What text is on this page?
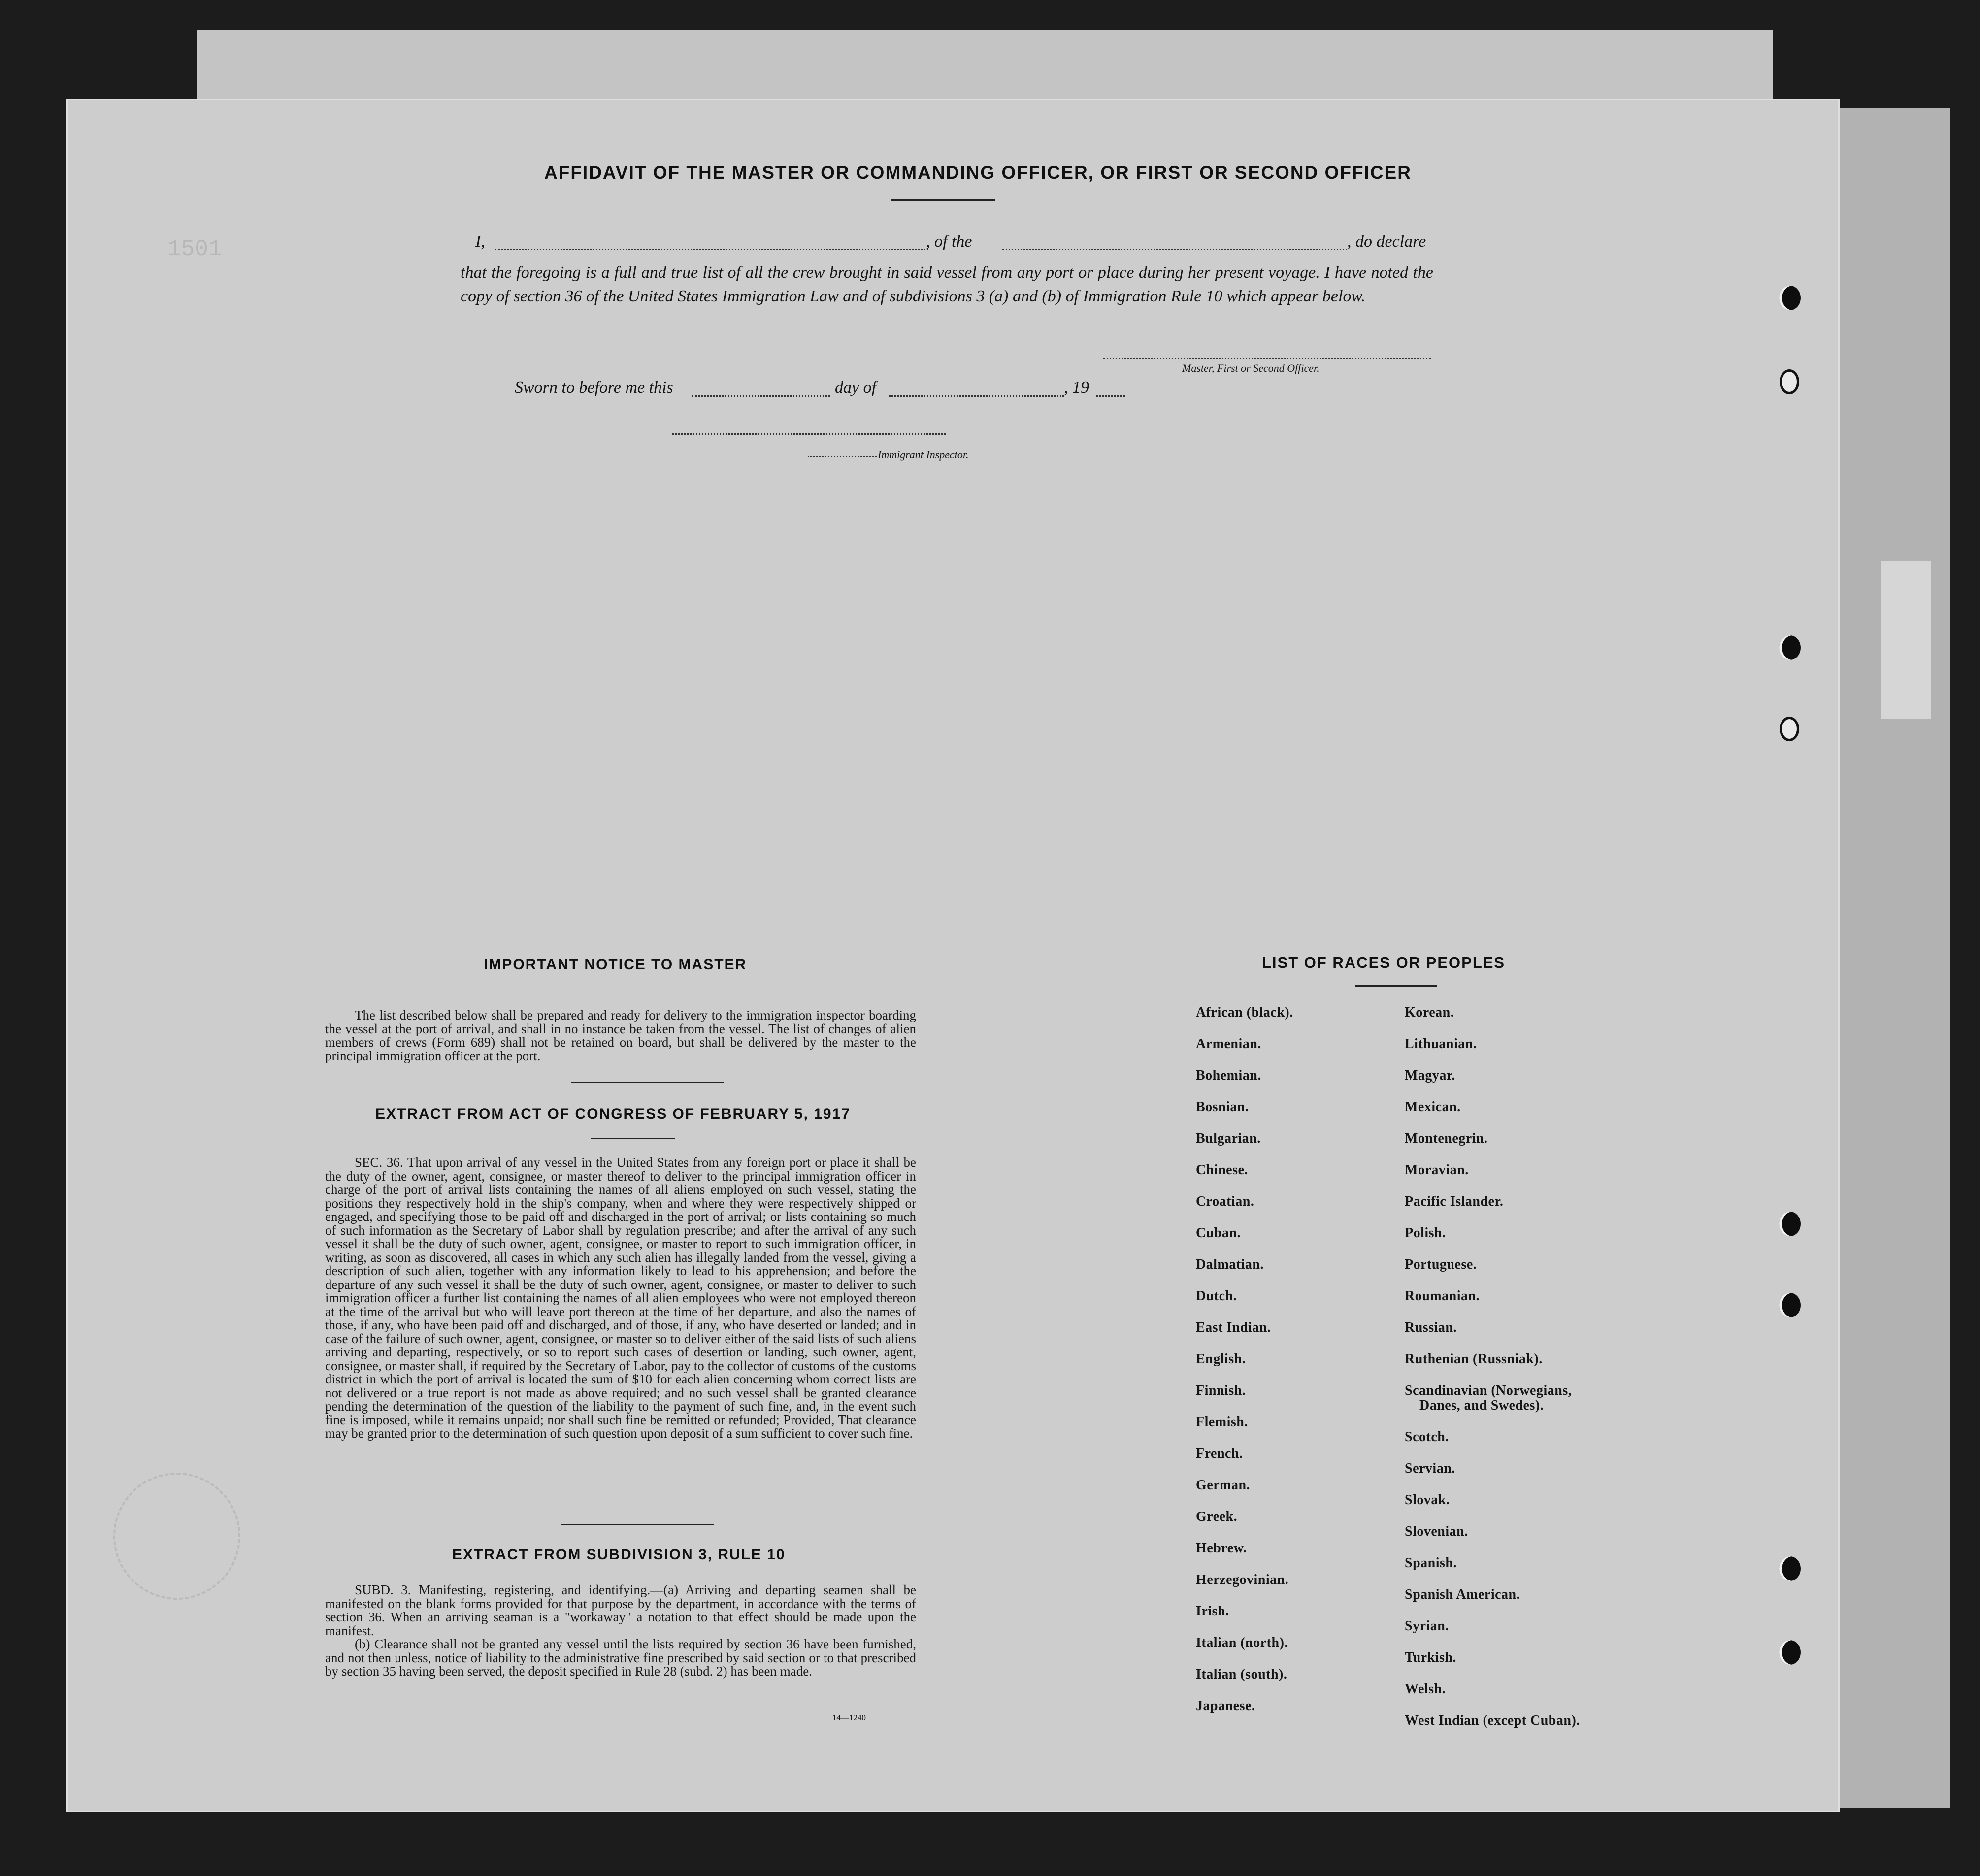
1501
AFFIDAVIT OF THE MASTER OR COMMANDING OFFICER, OR FIRST OR SECOND OFFICER
I,	, of the	, do declare
that the foregoing is a full and true list of all the crew brought in said vessel from any port or place during her present voyage. I have noted the copy of section 36 of the United States Immigration Law and of subdivisions 3 (a) and (b) of Immigration Rule 10 which appear below.
Master, First or Second Officer.
Sworn to before me this	day of	, 19
Immigrant Inspector.
IMPORTANT NOTICE TO MASTER

The list described below shall be prepared and ready for delivery to the immigration inspector boarding the vessel at the port of arrival, and shall in no instance be taken from the vessel. The list of changes of alien members of crews (Form 689) shall not be retained on board, but shall be delivered by the master to the principal immigration officer at the port.

EXTRACT FROM ACT OF CONGRESS OF FEBRUARY 5, 1917

SEC. 36. That upon arrival of any vessel in the United States from any foreign port or place it shall be the duty of the owner, agent, consignee, or master thereof to deliver to the principal immigration officer in charge of the port of arrival lists containing the names of all aliens employed on such vessel, stating the positions they respectively hold in the ship's company, when and where they were respectively shipped or engaged, and specifying those to be paid off and discharged in the port of arrival; or lists containing so much of such information as the Secretary of Labor shall by regulation prescribe; and after the arrival of any such vessel it shall be the duty of such owner, agent, consignee, or master to report to such immigration officer, in writing, as soon as discovered, all cases in which any such alien has illegally landed from the vessel, giving a description of such alien, together with any information likely to lead to his apprehension; and before the departure of any such vessel it shall be the duty of such owner, agent, consignee, or master to deliver to such immigration officer a further list containing the names of all alien employees who were not employed thereon at the time of the arrival but who will leave port thereon at the time of her departure, and also the names of those, if any, who have been paid off and discharged, and of those, if any, who have deserted or landed; and in case of the failure of such owner, agent, consignee, or master so to deliver either of the said lists of such aliens arriving and departing, respectively, or so to report such cases of desertion or landing, such owner, agent, consignee, or master shall, if required by the Secretary of Labor, pay to the collector of customs of the customs district in which the port of arrival is located the sum of $10 for each alien concerning whom correct lists are not delivered or a true report is not made as above required; and no such vessel shall be granted clearance pending the determination of the question of the liability to the payment of such fine, and, in the event such fine is imposed, while it remains unpaid; nor shall such fine be remitted or refunded; Provided, That clearance may be granted prior to the determination of such question upon deposit of a sum sufficient to cover such fine.

EXTRACT FROM SUBDIVISION 3, RULE 10

SUBD. 3. Manifesting, registering, and identifying.—(a) Arriving and departing seamen shall be manifested on the blank forms provided for that purpose by the department, in accordance with the terms of section 36. When an arriving seaman is a "workaway" a notation to that effect should be made upon the manifest.

(b) Clearance shall not be granted any vessel until the lists required by section 36 have been furnished, and not then unless, notice of liability to the administrative fine prescribed by said section or to that prescribed by section 35 having been served, the deposit specified in Rule 28 (subd. 2) has been made.

14—1240
LIST OF RACES OR PEOPLES
African (black).
Armenian.
Bohemian.
Bosnian.
Bulgarian.
Chinese.
Croatian.
Cuban.
Dalmatian.
Dutch.
East Indian.
English.
Finnish.
Flemish.
French.
German.
Greek.
Hebrew.
Herzegovinian.
Irish.
Italian (north).
Italian (south).
Japanese.
Korean.
Lithuanian.
Magyar.
Mexican.
Montenegrin.
Moravian.
Pacific Islander.
Polish.
Portuguese.
Roumanian.
Russian.
Ruthenian (Russniak).
Scandinavian (Norwegians,
Danes, and Swedes).
Scotch.
Servian.
Slovak.
Slovenian.
Spanish.
Spanish American.
Syrian.
Turkish.
Welsh.
West Indian (except Cuban).
